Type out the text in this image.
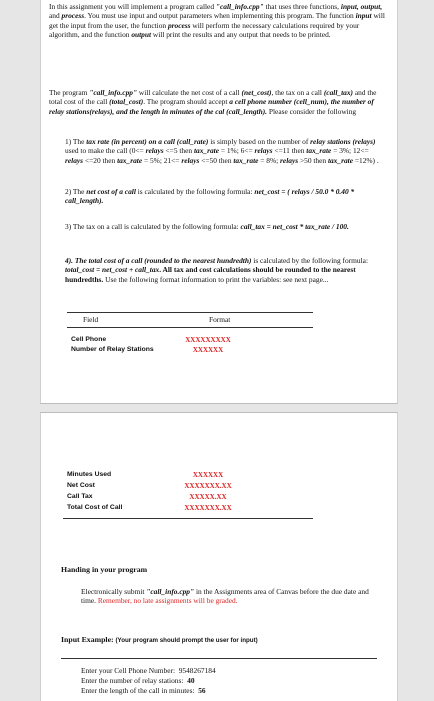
In this assignment you will implement a program called "call_info.cpp" that uses three functions, input, output, and process. You must use input and output parameters when implementing this program. The function input will get the input from the user, the function process will perform the necessary calculations required by your algorithm, and the function output will print the results and any output that needs to be printed.
The program "call_info.cpp" will calculate the net cost of a call (net_cost), the tax on a call (call_tax) and the total cost of the call (total_cost). The program should accept a cell phone number (cell_num), the number of relay stations(relays), and the length in minutes of the cal (call_length). Please consider the following
1) The tax rate (in percent) on a call (call_rate) is simply based on the number of relay stations (relays) used to make the call (0<= relays <=5 then tax_rate = 1%; 6<= relays <=11 then tax_rate = 3%; 12<= relays <=20 then tax_rate = 5%; 21<= relays <=50 then tax_rate = 8%; relays >50 then tax_rate =12%) .
2) The net cost of a call is calculated by the following formula: net_cost = ( relays / 50.0 * 0.40 * call_length).
3) The tax on a call is calculated by the following formula: call_tax = net_cost * tax_rate / 100.
4). The total cost of a call (rounded to the nearest hundredth) is calculated by the following formula: total_cost = net_cost + call_tax. All tax and cost calculations should be rounded to the nearest hundredths. Use the following format information to print the variables: see next page...
Field	Format
Cell Phone	XXXXXXXXX
Number of Relay Stations	XXXXXX
Minutes Used	XXXXXX
Net Cost	XXXXXXX.XX
Call Tax	XXXXX.XX
Total Cost of Call	XXXXXXX.XX
Handing in your program
Electronically submit "call_info.cpp" in the Assignments area of Canvas before the due date and time. Remember, no late assignments will be graded.
Input Example: (Your program should prompt the user for input)
Enter your Cell Phone Number: 9548267184
Enter the number of relay stations: 40
Enter the length of the call in minutes: 56
